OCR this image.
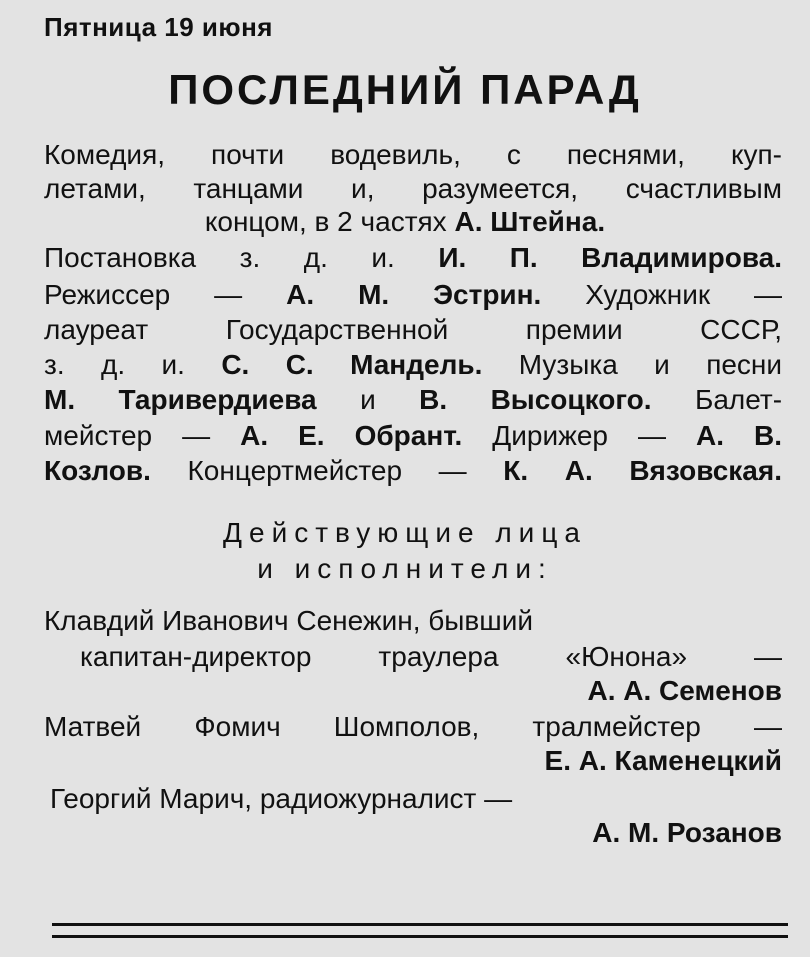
Пятница 19 июня
ПОСЛЕДНИЙ ПАРАД
Комедия, почти водевиль, с песнями, куп-
летами, танцами и, разумеется, счастливым
концом, в 2 частях А. Штейна.
Постановка з. д. и. И. П. Владимирова.
Режиссер — А. М. Эстрин. Художник —
лауреат Государственной премии СССР,
з. д. и. С. С. Мандель. Музыка и песни
М. Таривердиева и В. Высоцкого. Балет-
мейстер — А. Е. Обрант. Дирижер — А. В.
Козлов. Концертмейстер — К. А. Вязовская.
Действующие лица
и исполнители:
Клавдий Иванович Сенежин, бывший
капитан-директор траулера «Юнона» —
А. А. Семенов
Матвей Фомич Шомполов, тралмейстер —
Е. А. Каменецкий
Георгий Марич, радиожурналист —
А. М. Розанов
